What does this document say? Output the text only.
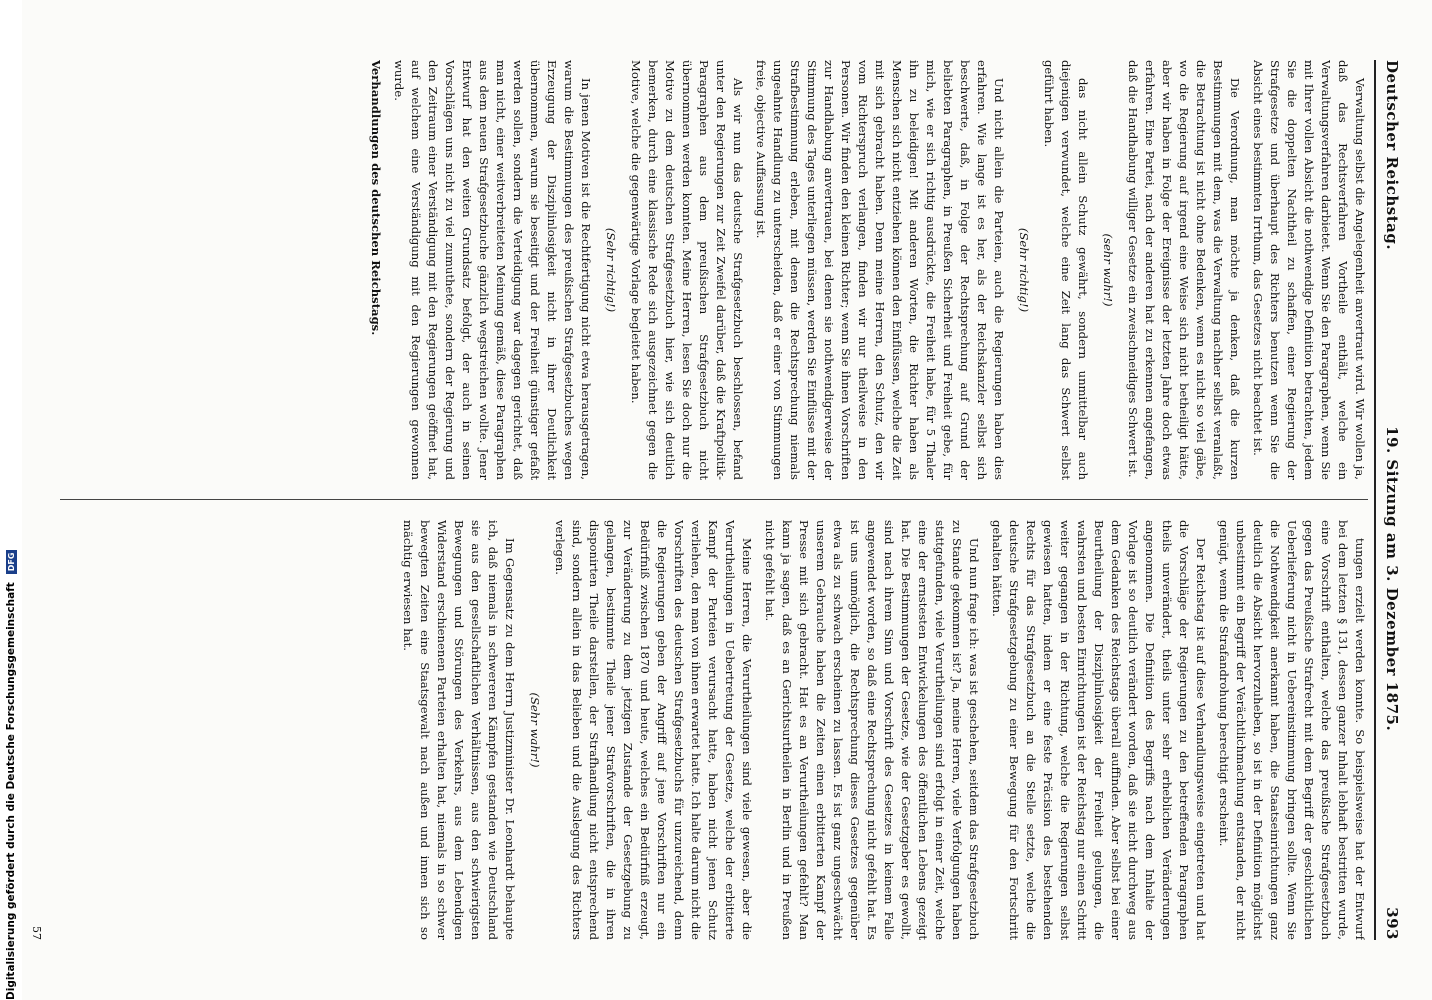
Deutscher Reichstag.
19. Sitzung am 3. Dezember 1875.
393

Verwaltung selbst die Angelegenheit anvertraut wird. Wir wollen ja, daß das Rechtsverfahren Vortheile enthält, welche ein Verwaltungsverfahren darbietet. Wenn Sie den Paragraphen, wenn Sie mit Ihrer vollen Absicht die nothwendige Definition betrachten, jedem Sie die doppelten Nachtheil zu schaffen, einer Regierung der Strafgesetze und überhaupt des Richters benutzen wenn Sie die Absicht eines bestimmten Irrthum, das Gesetzes nicht beachtet ist.

Die Verordnung, man möchte ja denken, daß die kurzen Bestimmungen mit dem, was die Verwaltung nachher selbst veranlaßt, die Betrachtung ist nicht ohne Bedenken, wenn es nicht so viel gäbe, wo die Regierung auf irgend eine Weise sich nicht betheiligt hätte, aber wir haben in Folge der Ereignisse der letzten Jahre doch etwas erfahren. Eine Partei, nach der anderen hat zu erkennen angefangen, daß die Handhabung williger Gesetze ein zweischneidiges Schwert ist.

(sehr wahr!)

das nicht allein Schutz gewährt, sondern unmittelbar auch diejenigen verwundet, welche eine Zeit lang das Schwert selbst geführt haben.

(Sehr richtig!)

Und nicht allein die Parteien, auch die Regierungen haben dies erfahren. Wie lange ist es her, als der Reichskanzler selbst sich beschwerte, daß, in Folge der Rechtsprechung auf Grund der beliebten Paragraphen, in Preußen Sicherheit und Freiheit gebe, für mich, wie er sich richtig ausdrückte, die Freiheit habe, für 5 Thaler ihn zu beleidigen! Mit anderen Worten, die Richter haben als Menschen sich nicht entziehen können den Einflüssen, welche die Zeit mit sich gebracht haben. Denn meine Herren, den Schutz, den wir vom Richterspruch verlangen, finden wir nur theilweise in den Personen. Wir finden den kleinen Richter; wenn Sie ihnen Vorschriften zur Handhabung anvertrauen, bei denen sie nothwendigerweise der Stimmung des Tages unterliegen müssen, werden Sie Einflüsse mit der Strafbestimmung erleben, mit denen die Rechtsprechung niemals ungeahnte Handlung zu unterscheiden, daß er einer von Stimmungen freie, objective Auffassung ist.

Als wir nun das deutsche Strafgesetzbuch beschlossen, befand unter den Regierungen zur Zeit Zweifel darüber, daß die Kraftpolitik-Paragraphen aus dem preußischen Strafgesetzbuch nicht übernommen werden konnten. Meine Herren, lesen Sie doch nur die Motive zu dem deutschen Strafgesetzbuch hier, wie sich deutlich bemerken, durch eine klassische Rede sich ausgezeichnet gegen die Motive, welche die gegenwärtige Vorlage begleitet haben.

(Sehr richtig!)

In jenen Motiven ist die Rechtfertigung nicht etwa herausgetragen, warum die Bestimmungen des preußischen Strafgesetzbuches wegen Erzeugung der Disziplinlosigkeit nicht in ihrer Deutlichkeit übernommen, warum sie beseitigt und der Freiheit günstiger gefaßt werden sollen, sondern die Verteidigung war dagegen gerichtet, daß man nicht, einer weitverbreiteten Meinung gemäß, diese Paragraphen aus dem neuen Strafgesetzbuche gänzlich wegstreichen wollte. Jener Entwurf hat den weiten Grundsatz befolgt, der auch in seinen Vorschlägen uns nicht zu viel zumuthete, sondern der Regierung und den Zeitraum einer Verständigung mit den Regierungen geöffnet hat, auf welchem eine Verständigung mit den Regierungen gewonnen wurde.

Verhandlungen des deutschen Reichstags.

tungen erzielt werden konnte. So beispielsweise hat der Entwurf bei dem letzten § 131, dessen ganzer Inhalt lebhaft bestritten wurde, eine Vorschrift enthalten, welche das preußische Strafgesetzbuch gegen das Preußische Strafrecht mit dem Begriff der geschichtlichen Ueberlieferung nicht in Uebereinstimmung bringen sollte. Wenn Sie die Nothwendigkeit anerkannt haben, die Staatseinrichtungen ganz deutlich die Absicht hervorzuheben, so ist in der Definition möglichst unbestimmt ein Begriff der Verächtlichmachung entstanden, der nicht genügt, wenn die Strafandrohung berechtigt erscheint.

Der Reichstag ist auf diese Verhandlungsweise eingetreten und hat die Vorschläge der Regierungen zu den betreffenden Paragraphen theils unverändert, theils unter sehr erheblichen Veränderungen angenommen. Die Definition des Begriffs nach dem Inhalte der Vorlage ist so deutlich verändert worden, daß sie nicht durchweg aus dem Gedanken des Reichstags überall auffinden. Aber selbst bei einer Beurtheilung der Disziplinlosigkeit der Freiheit gelungen, die wahrsten und besten Einrichtungen ist der Reichstag nur einen Schritt weiter gegangen in der Richtung, welche die Regierungen selbst gewiesen hatten, indem er eine feste Präcision des bestehenden Rechts für das Strafgesetzbuch an die Stelle setzte, welche die deutsche Strafgesetzgebung zu einer Bewegung für den Fortschritt gehalten hätten.

Und nun frage ich: was ist geschehen, seitdem das Strafgesetzbuch zu Stande gekommen ist? Ja, meine Herren, viele Verfolgungen haben stattgefunden, viele Verurtheilungen sind erfolgt in einer Zeit, welche eine der ernstesten Entwickelungen des öffentlichen Lebens gezeigt hat. Die Bestimmungen der Gesetze, wie der Gesetzgeber es gewollt, sind nach ihrem Sinn und Vorschrift des Gesetzes in keinem Falle angewendet worden, so daß eine Rechtsprechung nicht gefehlt hat. Es ist uns unmöglich, die Rechtsprechung dieses Gesetzes gegenüber etwa als zu schwach erscheinen zu lassen. Es ist ganz ungeschwächt unserem Gebrauche haben die Zeiten einen erbitterten Kampf der Presse mit sich gebracht. Hat es an Verurtheilungen gefehlt? Man kann ja sagen, daß es an Gerichtsurtheilen in Berlin und in Preußen nicht gefehlt hat.

Meine Herren, die Verurtheilungen sind viele gewesen, aber die Verurtheilungen in Uebertretung der Gesetze, welche der erbitterte Kampf der Parteien verursacht hatte, haben nicht jenen Schutz verliehen, den man von ihnen erwartet hatte. Ich halte darum nicht die Vorschriften des deutschen Strafgesetzbuchs für unzureichend, denn die Regierungen geben der Angriff auf jene Vorschriften nur ein Bedürfniß zwischen 1870 und heute, welches ein Bedürfniß erzeugt, zur Veränderung zu dem jetzigen Zustande der Gesetzgebung zu gelangen, bestimmte Theile jener Strafvorschriften, die in ihren disponirten Theile darstellen, der Strafhandlung nicht entsprechend sind, sondern allein in das Belieben und die Auslegung des Richters verlegen.

(Sehr wahr!)

Im Gegensatz zu dem Herrn Justizminister Dr. Leonhardt behaupte ich, daß niemals in schwereren Kämpfen gestanden wie Deutschland sie aus den gesellschaftlichen Verhältnissen, aus den schwierigsten Bewegungen und Störungen des Verkehrs, aus dem Lebendigen Widerstand erschienenen Parteien erhalten hat, niemals in so schwer bewegten Zeiten eine Staatsgewalt nach außen und innen sich so mächtig erwiesen hat.

57
Digitalisierung gefördert durch die Deutsche Forschungsgemeinschaft
DFG
